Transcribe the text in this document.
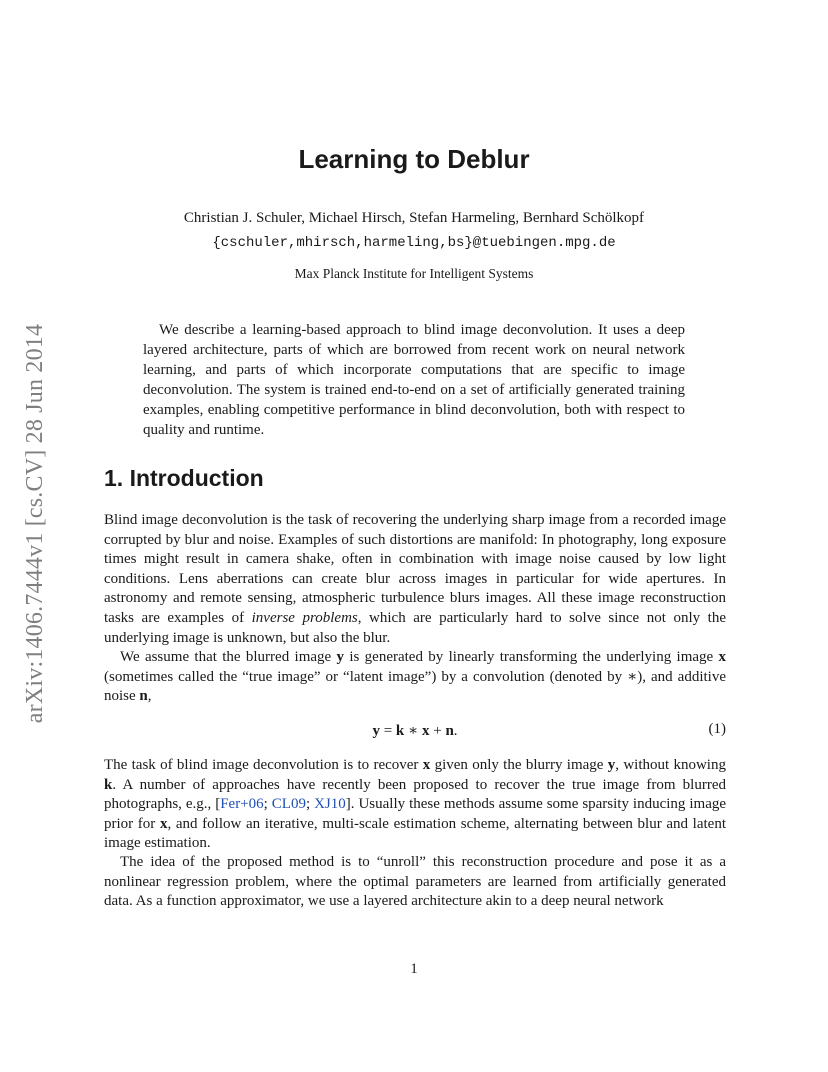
arXiv:1406.7444v1 [cs.CV] 28 Jun 2014
Learning to Deblur
Christian J. Schuler, Michael Hirsch, Stefan Harmeling, Bernhard Schölkopf
{cschuler,mhirsch,harmeling,bs}@tuebingen.mpg.de
Max Planck Institute for Intelligent Systems

We describe a learning-based approach to blind image deconvolution. It uses a deep layered architecture, parts of which are borrowed from recent work on neural network learning, and parts of which incorporate computations that are specific to image deconvolution. The system is trained end-to-end on a set of artificially generated training examples, enabling competitive performance in blind deconvolution, both with respect to quality and runtime.

1. Introduction

Blind image deconvolution is the task of recovering the underlying sharp image from a recorded image corrupted by blur and noise. Examples of such distortions are manifold: In photography, long exposure times might result in camera shake, often in combination with image noise caused by low light conditions. Lens aberrations can create blur across images in particular for wide apertures. In astronomy and remote sensing, atmospheric turbulence blurs images. All these image reconstruction tasks are examples of inverse problems, which are particularly hard to solve since not only the underlying image is unknown, but also the blur.

We assume that the blurred image y is generated by linearly transforming the underlying image x (sometimes called the “true image” or “latent image”) by a convolution (denoted by ∗), and additive noise n,

y = k ∗ x + n.	(1)

The task of blind image deconvolution is to recover x given only the blurry image y, without knowing k. A number of approaches have recently been proposed to recover the true image from blurred photographs, e.g., [Fer+06; CL09; XJ10]. Usually these methods assume some sparsity inducing image prior for x, and follow an iterative, multi-scale estimation scheme, alternating between blur and latent image estimation.

The idea of the proposed method is to “unroll” this reconstruction procedure and pose it as a nonlinear regression problem, where the optimal parameters are learned from artificially generated data. As a function approximator, we use a layered architecture akin to a deep neural network

1
